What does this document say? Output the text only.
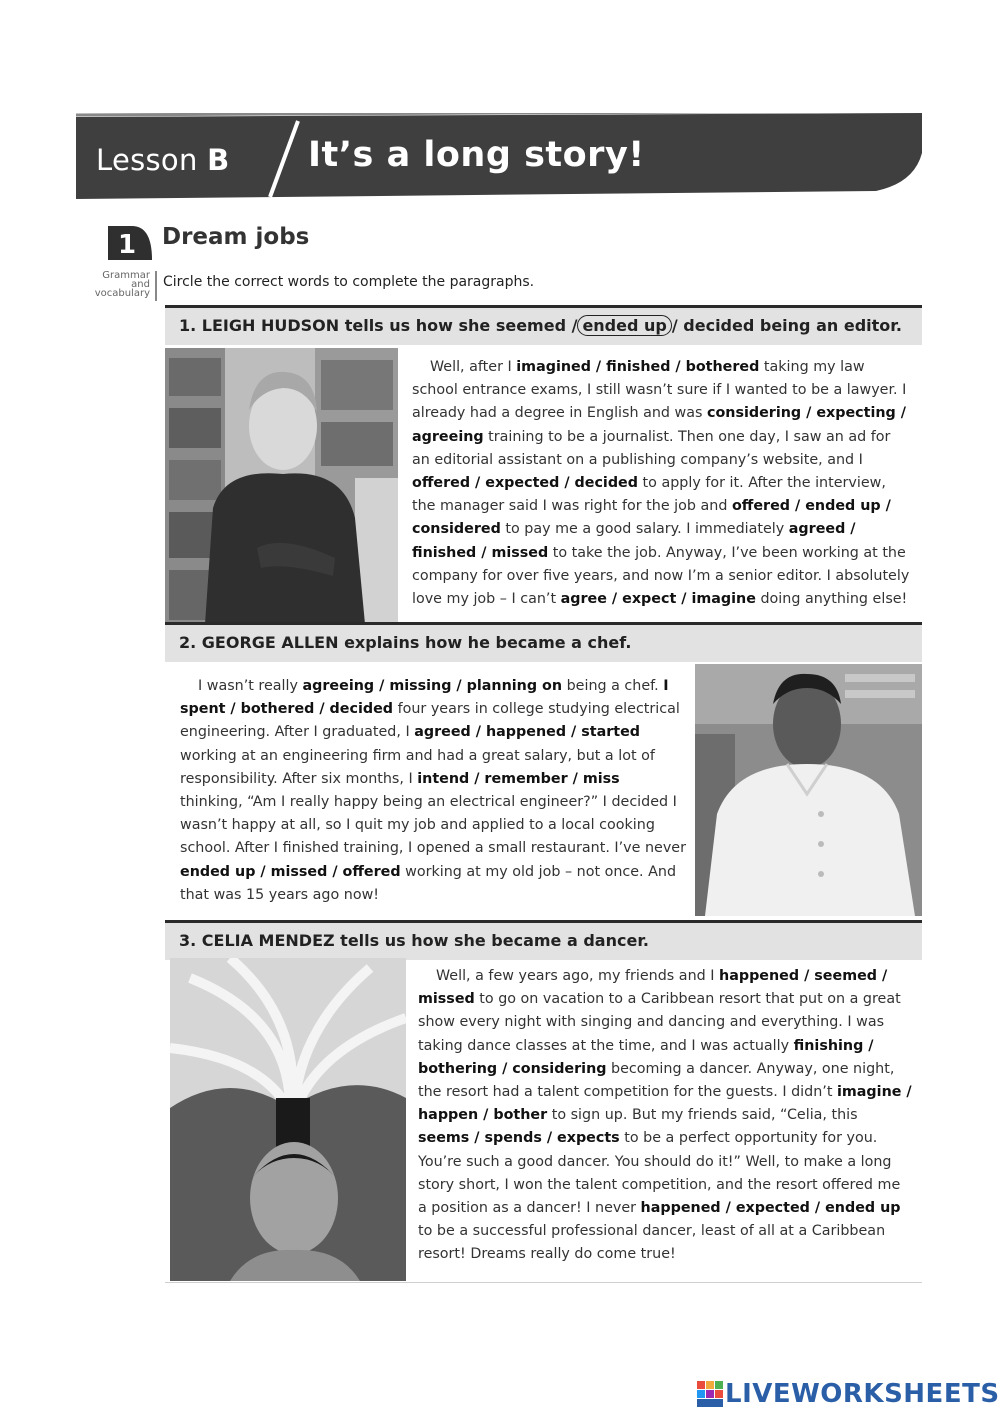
Lesson B It’s a long story!
1 Dream jobs
Grammar
and
vocabulary
Circle the correct words to complete the paragraphs.
1. LEIGH HUDSON tells us how she seemed / ended up / decided being an editor.
Well, after I imagined / finished / bothered taking my law school entrance exams, I still wasn’t sure if I wanted to be a lawyer. I already had a degree in English and was considering / expecting / agreeing training to be a journalist. Then one day, I saw an ad for an editorial assistant on a publishing company’s website, and I offered / expected / decided to apply for it. After the interview, the manager said I was right for the job and offered / ended up / considered to pay me a good salary. I immediately agreed / finished / missed to take the job. Anyway, I’ve been working at the company for over five years, and now I’m a senior editor. I absolutely love my job – I can’t agree / expect / imagine doing anything else!
2. GEORGE ALLEN explains how he became a chef.
I wasn’t really agreeing / missing / planning on being a chef. I spent / bothered / decided four years in college studying electrical engineering. After I graduated, I agreed / happened / started working at an engineering firm and had a great salary, but a lot of responsibility. After six months, I intend / remember / miss thinking, “Am I really happy being an electrical engineer?” I decided I wasn’t happy at all, so I quit my job and applied to a local cooking school. After I finished training, I opened a small restaurant. I’ve never ended up / missed / offered working at my old job – not once. And that was 15 years ago now!
3. CELIA MENDEZ tells us how she became a dancer.
Well, a few years ago, my friends and I happened / seemed / missed to go on vacation to a Caribbean resort that put on a great show every night with singing and dancing and everything. I was taking dance classes at the time, and I was actually finishing / bothering / considering becoming a dancer. Anyway, one night, the resort had a talent competition for the guests. I didn’t imagine / happen / bother to sign up. But my friends said, “Celia, this seems / spends / expects to be a perfect opportunity for you. You’re such a good dancer. You should do it!” Well, to make a long story short, I won the talent competition, and the resort offered me a position as a dancer! I never happened / expected / ended up to be a successful professional dancer, least of all at a Caribbean resort! Dreams really do come true!
LIVEWORKSHEETS
